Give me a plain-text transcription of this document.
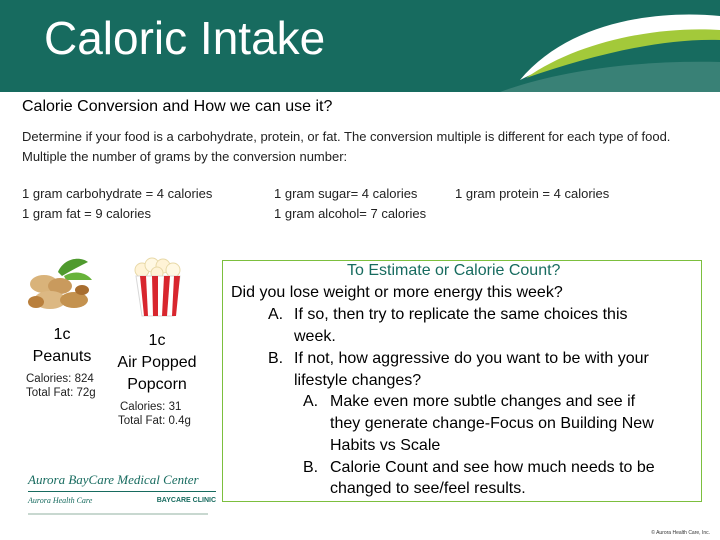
Caloric Intake
Calorie Conversion and How we can use it?
Determine if your food is a carbohydrate, protein, or fat. The conversion multiple is different for each type of food.
Multiple the number of grams by the conversion number:
1 gram carbohydrate = 4 calories	1 gram sugar= 4 calories	1 gram protein = 4 calories
1 gram fat = 9 calories	1 gram alcohol= 7 calories
1c
Peanuts
Calories: 824
Total Fat: 72g
1c
Air Popped
Popcorn
Calories: 31
Total Fat: 0.4g
To Estimate or Calorie Count?
Did you lose weight or more energy this week?
A. If so, then try to replicate the same choices this
week.
B. If not, how aggressive do you want to be with your
lifestyle changes?
A. Make even more subtle changes and see if
they generate change-Focus on Building New
Habits vs Scale
B. Calorie Count and see how much needs to be
changed to see/feel results.
Aurora BayCare Medical Center
Aurora Health Care	BAYCARE CLINIC
© Aurora Health Care, Inc.
